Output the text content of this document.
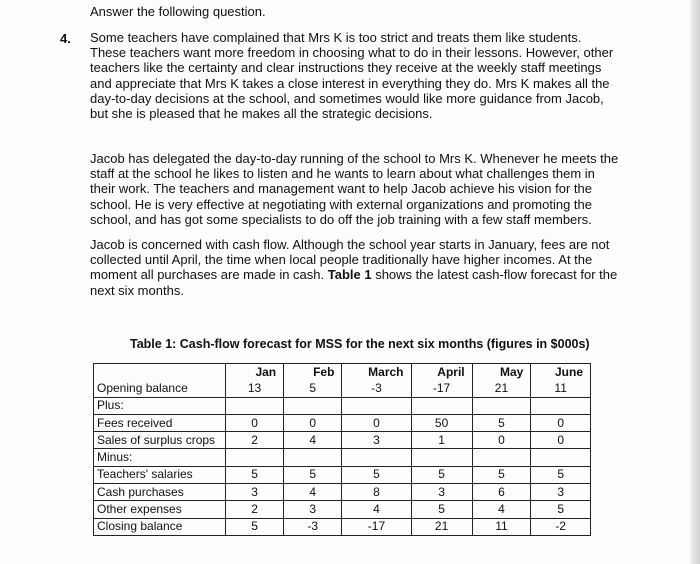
Answer the following question.
4. Some teachers have complained that Mrs K is too strict and treats them like students. These teachers want more freedom in choosing what to do in their lessons. However, other teachers like the certainty and clear instructions they receive at the weekly staff meetings and appreciate that Mrs K takes a close interest in everything they do. Mrs K makes all the day-to-day decisions at the school, and sometimes would like more guidance from Jacob, but she is pleased that he makes all the strategic decisions.

Jacob has delegated the day-to-day running of the school to Mrs K. Whenever he meets the staff at the school he likes to listen and he wants to learn about what challenges them in their work. The teachers and management want to help Jacob achieve his vision for the school. He is very effective at negotiating with external organizations and promoting the school, and has got some specialists to do off the job training with a few staff members.

Jacob is concerned with cash flow. Although the school year starts in January, fees are not collected until April, the time when local people traditionally have higher incomes. At the moment all purchases are made in cash. Table 1 shows the latest cash-flow forecast for the next six months.

Table 1: Cash-flow forecast for MSS for the next six months (figures in $000s)
	Jan	Feb	March	April	May	June
Opening balance	13	5	-3	-17	21	11
Plus:						
Fees received	0	0	0	50	5	0
Sales of surplus crops	2	4	3	1	0	0
Minus:						
Teachers' salaries	5	5	5	5	5	5
Cash purchases	3	4	8	3	6	3
Other expenses	2	3	4	5	4	5
Closing balance	5	-3	-17	21	11	-2
